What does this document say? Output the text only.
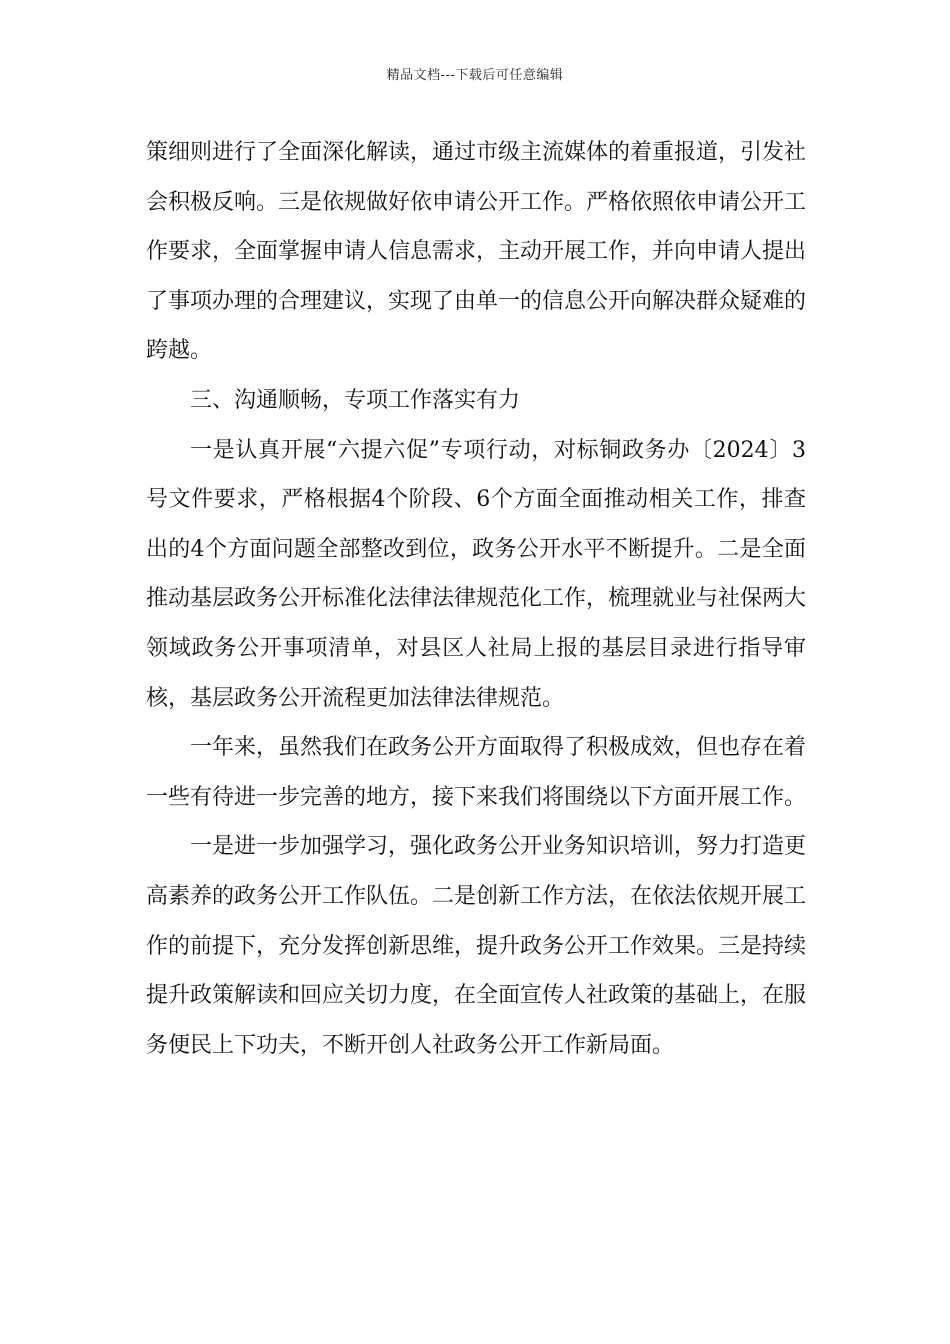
精品文档---下载后可任意编辑

策细则进行了全面深化解读，通过市级主流媒体的着重报道，引发社会积极反响。三是依规做好依申请公开工作。严格依照依申请公开工作要求，全面掌握申请人信息需求，主动开展工作，并向申请人提出了事项办理的合理建议，实现了由单一的信息公开向解决群众疑难的跨越。

三、沟通顺畅，专项工作落实有力

一是认真开展“六提六促”专项行动，对标铜政务办〔2024〕3号文件要求，严格根据4个阶段、6个方面全面推动相关工作，排查出的4个方面问题全部整改到位，政务公开水平不断提升。二是全面推动基层政务公开标准化法律法律规范化工作，梳理就业与社保两大领域政务公开事项清单，对县区人社局上报的基层目录进行指导审核，基层政务公开流程更加法律法律规范。

一年来，虽然我们在政务公开方面取得了积极成效，但也存在着一些有待进一步完善的地方，接下来我们将围绕以下方面开展工作。

一是进一步加强学习，强化政务公开业务知识培训，努力打造更高素养的政务公开工作队伍。二是创新工作方法，在依法依规开展工作的前提下，充分发挥创新思维，提升政务公开工作效果。三是持续提升政策解读和回应关切力度，在全面宣传人社政策的基础上，在服务便民上下功夫，不断开创人社政务公开工作新局面。
